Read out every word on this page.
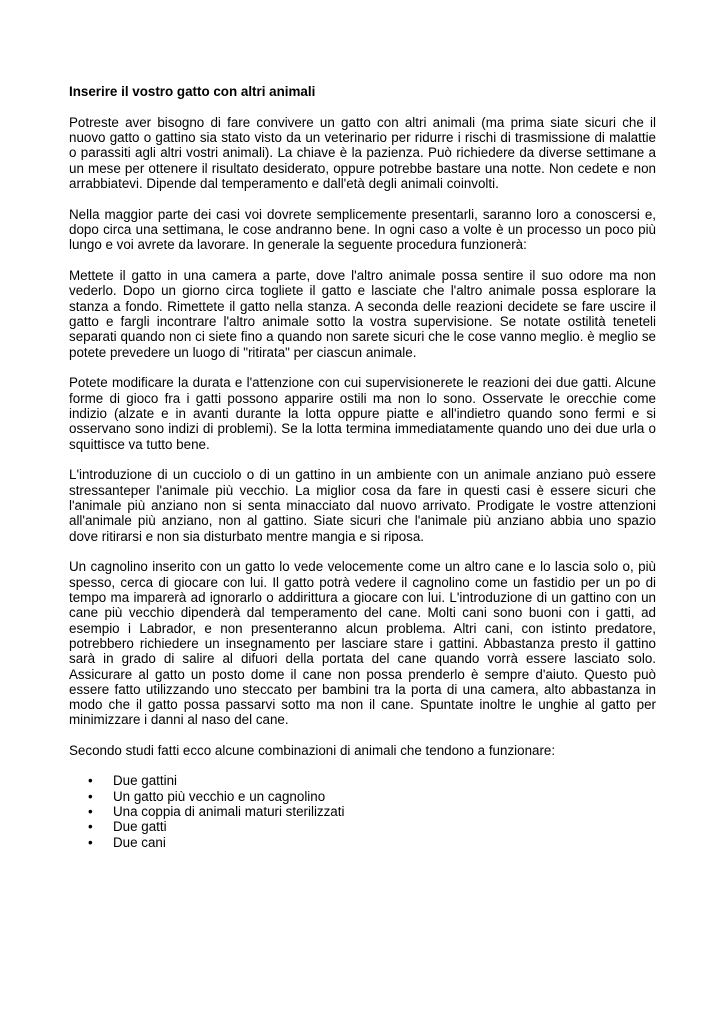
Inserire il vostro gatto con altri animali

Potreste aver bisogno di fare convivere un gatto con altri animali (ma prima siate sicuri che il nuovo gatto o gattino sia stato visto da un veterinario per ridurre i rischi di trasmissione di malattie o parassiti agli altri vostri animali). La chiave è la pazienza. Può richiedere da diverse settimane a un mese per ottenere il risultato desiderato, oppure potrebbe bastare una notte. Non cedete e non arrabbiatevi. Dipende dal temperamento e dall'età degli animali coinvolti.

Nella maggior parte dei casi voi dovrete semplicemente presentarli, saranno loro a conoscersi e, dopo circa una settimana, le cose andranno bene. In ogni caso a volte è un processo un poco più lungo e voi avrete da lavorare. In generale la seguente procedura funzionerà:

Mettete il gatto in una camera a parte, dove l'altro animale possa sentire il suo odore ma non vederlo. Dopo un giorno circa togliete il gatto e lasciate che l'altro animale possa esplorare la stanza a fondo. Rimettete il gatto nella stanza. A seconda delle reazioni decidete se fare uscire il gatto e fargli incontrare l'altro animale sotto la vostra supervisione. Se notate ostilità teneteli separati quando non ci siete fino a quando non sarete sicuri che le cose vanno meglio. è meglio se potete prevedere un luogo di "ritirata" per ciascun animale.

Potete modificare la durata e l'attenzione con cui supervisionerete le reazioni dei due gatti. Alcune forme di gioco fra i gatti possono apparire ostili ma non lo sono. Osservate le orecchie come indizio (alzate e in avanti durante la lotta oppure piatte e all'indietro quando sono fermi e si osservano sono indizi di problemi). Se la lotta termina immediatamente quando uno dei due urla o squittisce va tutto bene.

L'introduzione di un cucciolo o di un gattino in un ambiente con un animale anziano può essere stressanteper l'animale più vecchio. La miglior cosa da fare in questi casi è essere sicuri che l'animale più anziano non si senta minacciato dal nuovo arrivato. Prodigate le vostre attenzioni all'animale più anziano, non al gattino. Siate sicuri che l'animale più anziano abbia uno spazio dove ritirarsi e non sia disturbato mentre mangia e si riposa.

Un cagnolino inserito con un gatto lo vede velocemente come un altro cane e lo lascia solo o, più spesso, cerca di giocare con lui. Il gatto potrà vedere il cagnolino come un fastidio per un po di tempo ma imparerà ad ignorarlo o addirittura a giocare con lui. L'introduzione di un gattino con un cane più vecchio dipenderà dal temperamento del cane. Molti cani sono buoni con i gatti, ad esempio i Labrador, e non presenteranno alcun problema. Altri cani, con istinto predatore, potrebbero richiedere un insegnamento per lasciare stare i gattini. Abbastanza presto il gattino sarà in grado di salire al difuori della portata del cane quando vorrà essere lasciato solo. Assicurare al gatto un posto dome il cane non possa prenderlo è sempre d'aiuto. Questo può essere fatto utilizzando uno steccato per bambini tra la porta di una camera, alto abbastanza in modo che il gatto possa passarvi sotto ma non il cane. Spuntate inoltre le unghie al gatto per minimizzare i danni al naso del cane.

Secondo studi fatti ecco alcune combinazioni di animali che tendono a funzionare:

• Due gattini
• Un gatto più vecchio e un cagnolino
• Una coppia di animali maturi sterilizzati
• Due gatti
• Due cani
